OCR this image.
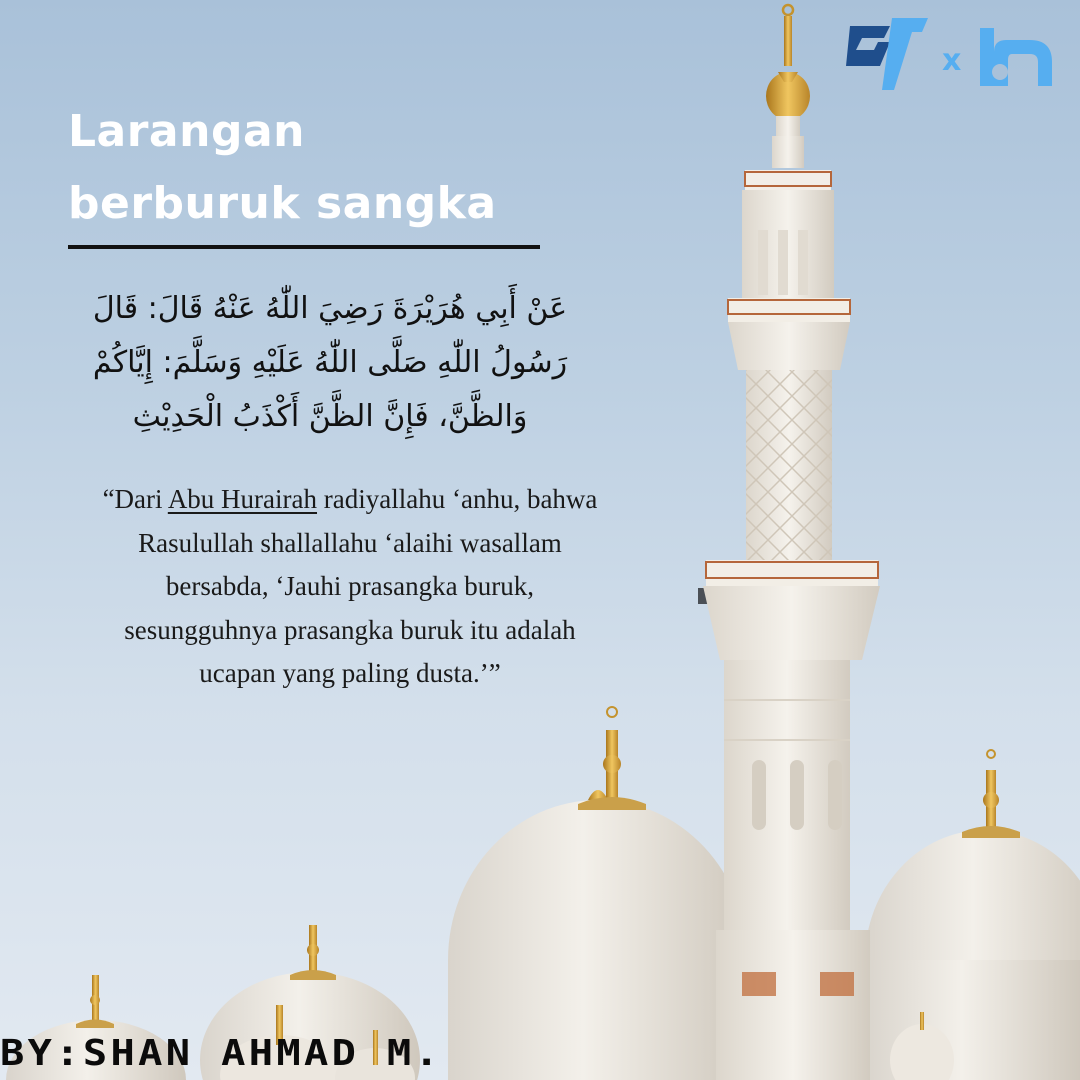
x
Larangan
berburuk sangka
عَنْ أَبِي هُرَيْرَةَ رَضِيَ اللّٰهُ عَنْهُ قَالَ: قَالَ
رَسُولُ اللّٰهِ صَلَّى اللّٰهُ عَلَيْهِ وَسَلَّمَ: إِيَّاكُمْ
وَالظَّنَّ، فَإِنَّ الظَّنَّ أَكْذَبُ الْحَدِيْثِ
“Dari Abu Hurairah radiyallahu ‘anhu, bahwa
Rasulullah shallallahu ‘alaihi wasallam
bersabda, ‘Jauhi prasangka buruk,
sesungguhnya prasangka buruk itu adalah
ucapan yang paling dusta.’”

BY:SHAN AHMAD M.
